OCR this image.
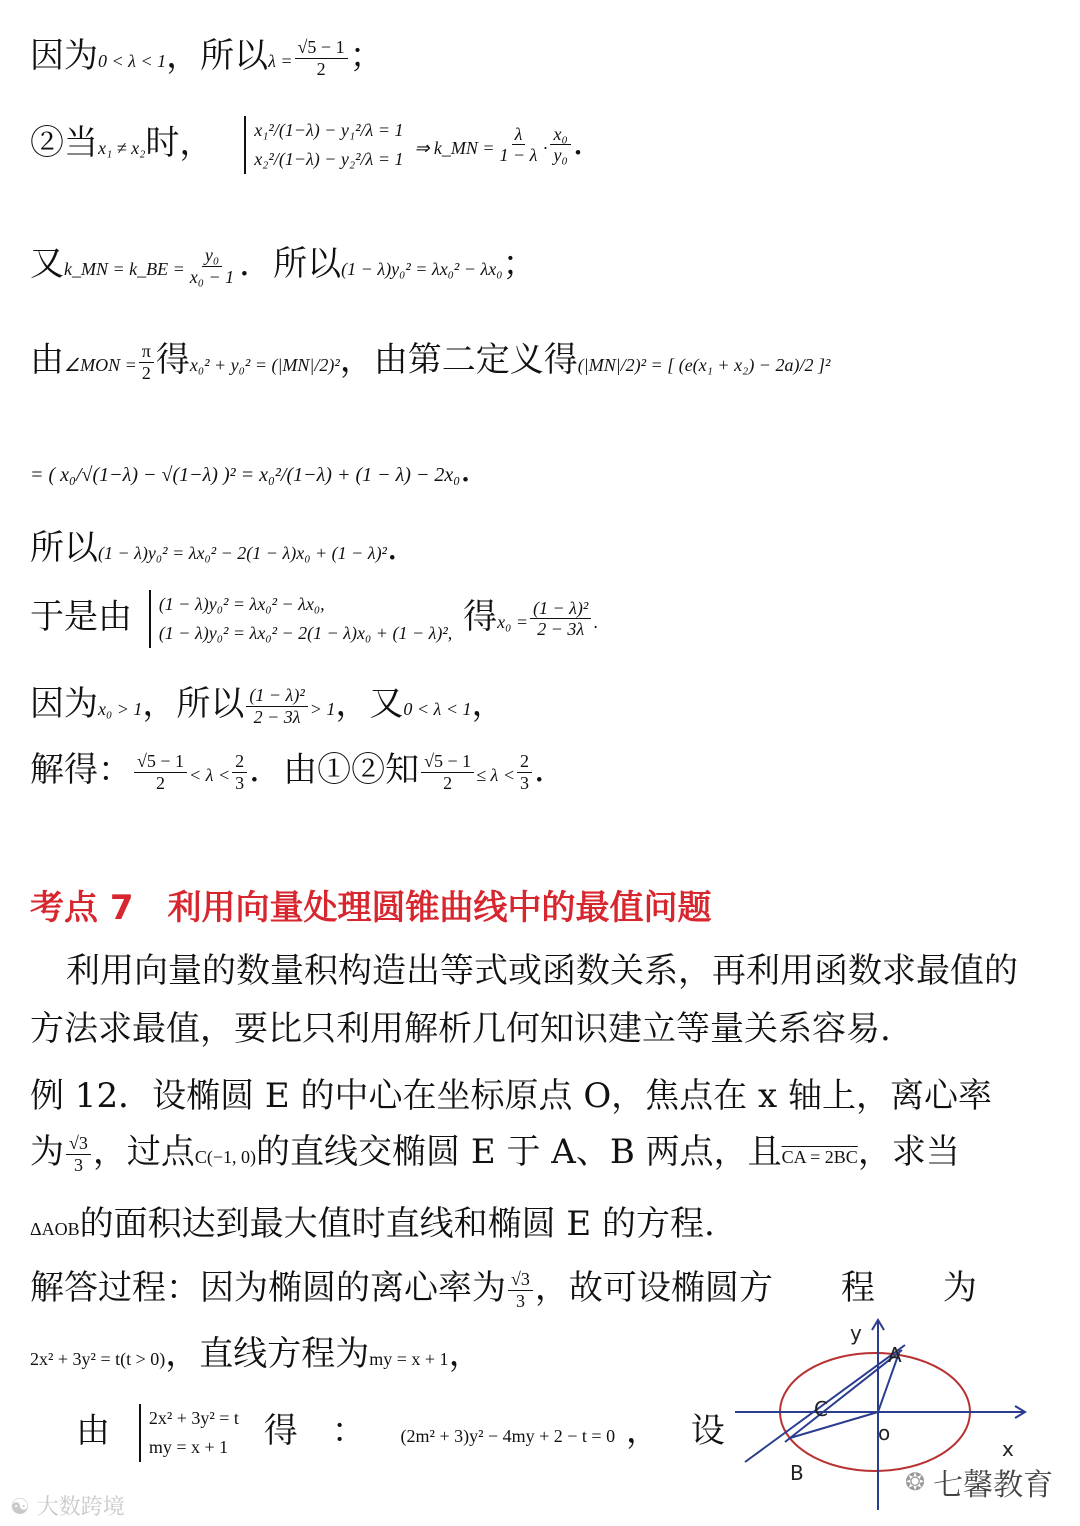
因为0 < λ < 1，所以$\lambda = \frac{√5 - 1}{2}$ ；
②当x₁ ≠ x₂时， x₁²/(1−λ) − y₁²/λ = 1
x₂²/(1−λ) − y₂²/λ = 1
⇒ k_MN = $\frac{\lambda}{1 - \lambda} \cdot \frac{\text{x₀}}{\text{y₀}}$ ．
又k_MN = k_BE = $\frac{\text{y₀}}{\text{x₀ − 1}}$ ．所以(1 − λ)y₀² = λx₀² − λx₀；
由∠MON = $\frac{\pi}{2}$ 得x₀² + y₀² = (|MN|/2)²，由第二定义得(|MN|/2)² = [ (e(x₁ + x₂) − 2a)/2 ]²
= ( x₀/√(1−λ) − √(1−λ) )² = x₀²/(1−λ) + (1 − λ) − 2x₀．
所以(1 − λ)y₀² = λx₀² − 2(1 − λ)x₀ + (1 − λ)²．
于是由 (1 − λ)y₀² = λx₀² − λx₀,
(1 − λ)y₀² = λx₀² − 2(1 − λ)x₀ + (1 − λ)², 得$x_0 = \frac{\text{(1 − λ)²}}{2 - 3\lambda}$ .
因为x₀ > 1，所以 $\frac{\text{(1 − λ)²}}{2 - 3\lambda} > 1$，又0 < λ < 1，
解得： $\frac{√5 - 1}{2} < \lambda < \frac{2}{3}$ ．由①②知 $\frac{√5 - 1}{2} \le \lambda < \frac{2}{3}$ ．
考点 7　利用向量处理圆锥曲线中的最值问题
利用向量的数量积构造出等式或函数关系，再利用函数求最值的方法求最值，要比只利用解析几何知识建立等量关系容易.
例 12．设椭圆 E 的中心在坐标原点 O，焦点在 x 轴上，离心率
为 $\frac{√3}{3}$ ，过点C(−1, 0)的直线交椭圆 E 于 A、B 两点，且CA = 2BC，求当
ΔAOB的面积达到最大值时直线和椭圆 E 的方程.
解答过程：因为椭圆的离心率为 $\frac{√3}{3}$ ，故可设椭圆方　　程　　为
2x² + 3y² = t(t > 0)，直线方程为my = x + 1，
由 2x² + 3y² = t
my = x + 1	得　： (2m² + 3)y² − 4my + 2 − t = 0 ， 设
y
x
o
A
B
C
☯ 大数跨境
❂ 七馨教育
